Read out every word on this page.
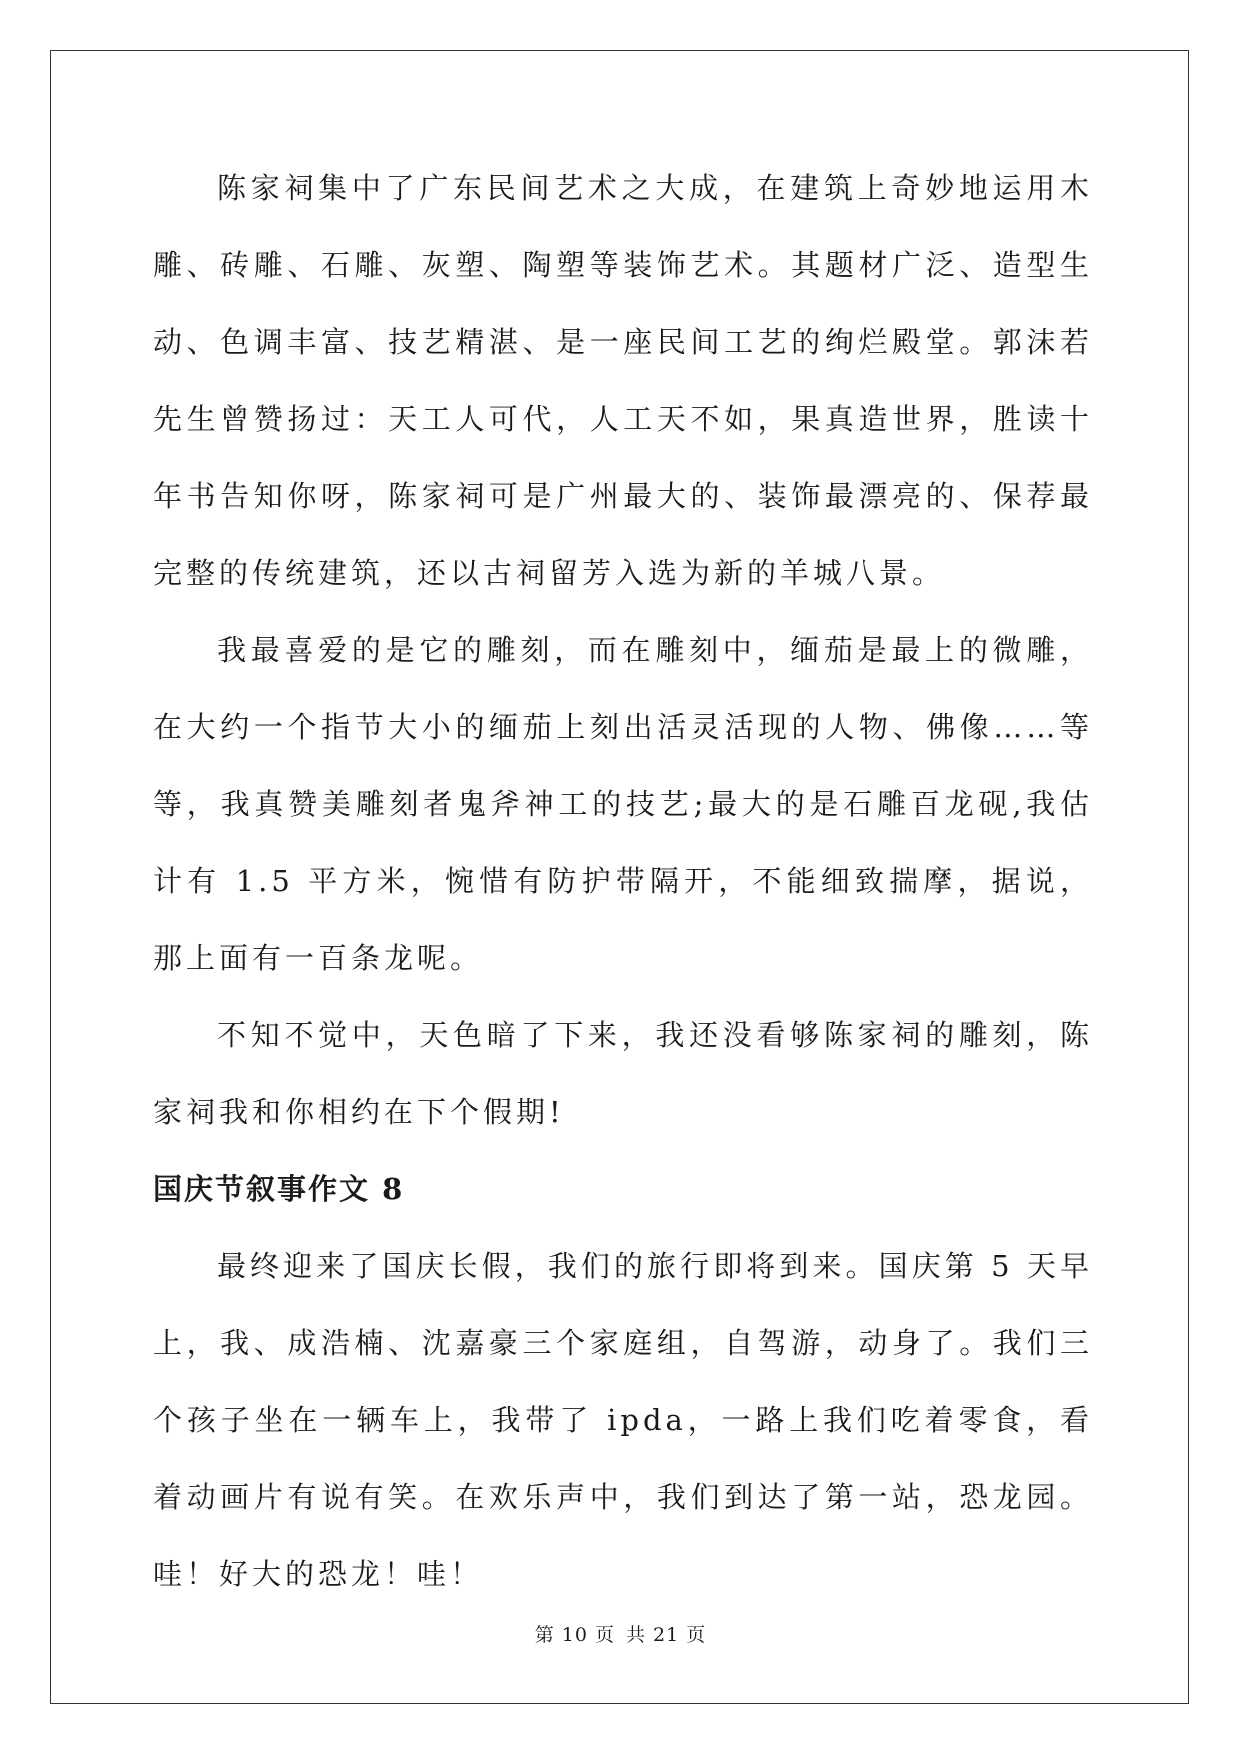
陈家祠集中了广东民间艺术之大成，在建筑上奇妙地运用木雕、砖雕、石雕、灰塑、陶塑等装饰艺术。其题材广泛、造型生动、色调丰富、技艺精湛、是一座民间工艺的绚烂殿堂。郭沫若先生曾赞扬过：天工人可代，人工天不如，果真造世界，胜读十年书告知你呀，陈家祠可是广州最大的、装饰最漂亮的、保荐最完整的传统建筑，还以古祠留芳入选为新的羊城八景。

我最喜爱的是它的雕刻，而在雕刻中，缅茄是最上的微雕，在大约一个指节大小的缅茄上刻出活灵活现的人物、佛像……等等，我真赞美雕刻者鬼斧神工的技艺;最大的是石雕百龙砚,我估计有 1.5 平方米，惋惜有防护带隔开，不能细致揣摩，据说，那上面有一百条龙呢。

不知不觉中，天色暗了下来，我还没看够陈家祠的雕刻，陈家祠我和你相约在下个假期!

国庆节叙事作文 8

最终迎来了国庆长假，我们的旅行即将到来。国庆第 5 天早上，我、成浩楠、沈嘉豪三个家庭组，自驾游，动身了。我们三个孩子坐在一辆车上，我带了 ipda，一路上我们吃着零食，看着动画片有说有笑。在欢乐声中，我们到达了第一站，恐龙园。哇！好大的恐龙！哇！

第 10 页 共 21 页
